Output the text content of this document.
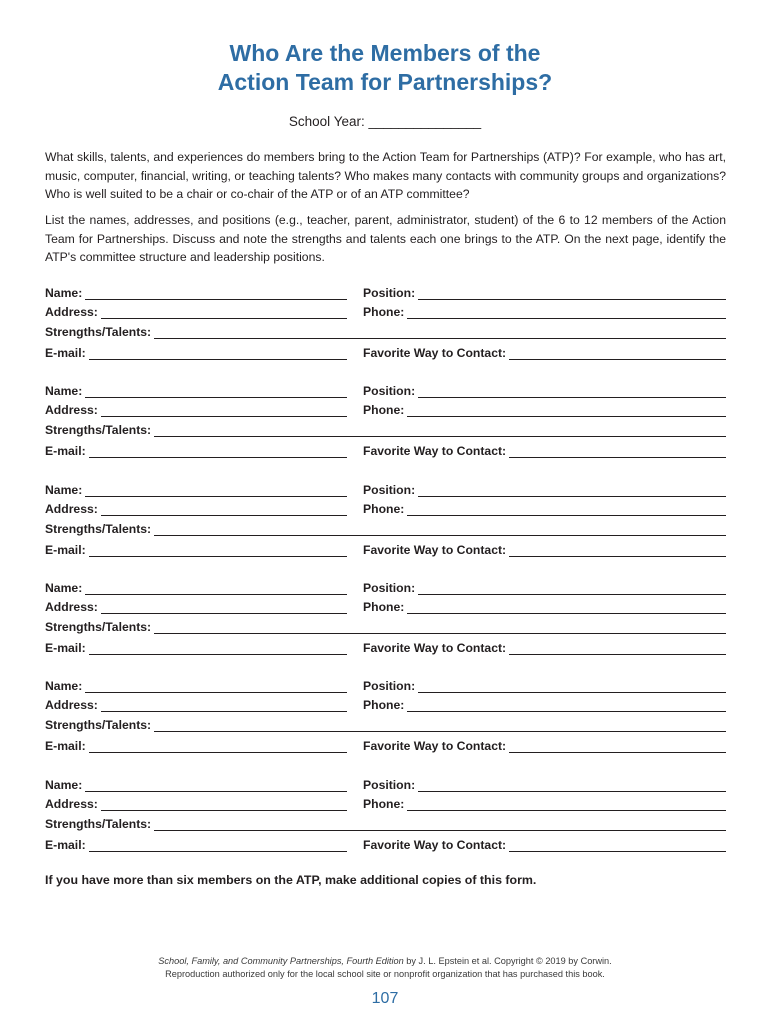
Who Are the Members of the
Action Team for Partnerships?
School Year: _______________

What skills, talents, and experiences do members bring to the Action Team for Partnerships (ATP)? For example, who has art, music, computer, financial, writing, or teaching talents? Who makes many contacts with community groups and organizations? Who is well suited to be a chair or co-chair of the ATP or of an ATP committee?

List the names, addresses, and positions (e.g., teacher, parent, administrator, student) of the 6 to 12 members of the Action Team for Partnerships. Discuss and note the strengths and talents each one brings to the ATP. On the next page, identify the ATP's committee structure and leadership positions.

Name:	Position:
Address:	Phone:
Strengths/Talents:
E-mail:	Favorite Way to Contact:
Name:	Position:
Address:	Phone:
Strengths/Talents:
E-mail:	Favorite Way to Contact:
Name:	Position:
Address:	Phone:
Strengths/Talents:
E-mail:	Favorite Way to Contact:
Name:	Position:
Address:	Phone:
Strengths/Talents:
E-mail:	Favorite Way to Contact:
Name:	Position:
Address:	Phone:
Strengths/Talents:
E-mail:	Favorite Way to Contact:
Name:	Position:
Address:	Phone:
Strengths/Talents:
E-mail:	Favorite Way to Contact:
If you have more than six members on the ATP, make additional copies of this form.
School, Family, and Community Partnerships, Fourth Edition by J. L. Epstein et al. Copyright © 2019 by Corwin.
Reproduction authorized only for the local school site or nonprofit organization that has purchased this book.
107
